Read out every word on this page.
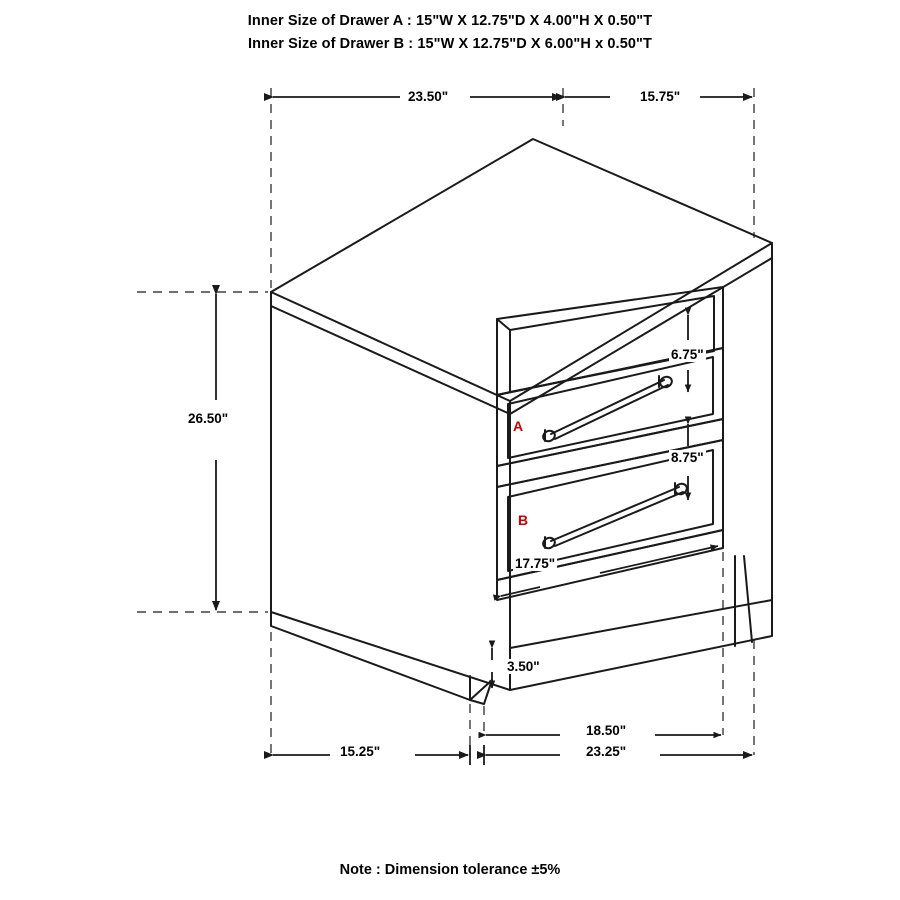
Inner Size of Drawer A : 15"W X 12.75"D X 4.00"H X 0.50"T
Inner Size of Drawer B : 15"W X 12.75"D X 6.00"H x 0.50"T
23.50"	15.75"
26.50"
6.75"
8.75"
17.75"
3.50"
18.50"
23.25"
15.25"
A
B
Note : Dimension tolerance ±5%
